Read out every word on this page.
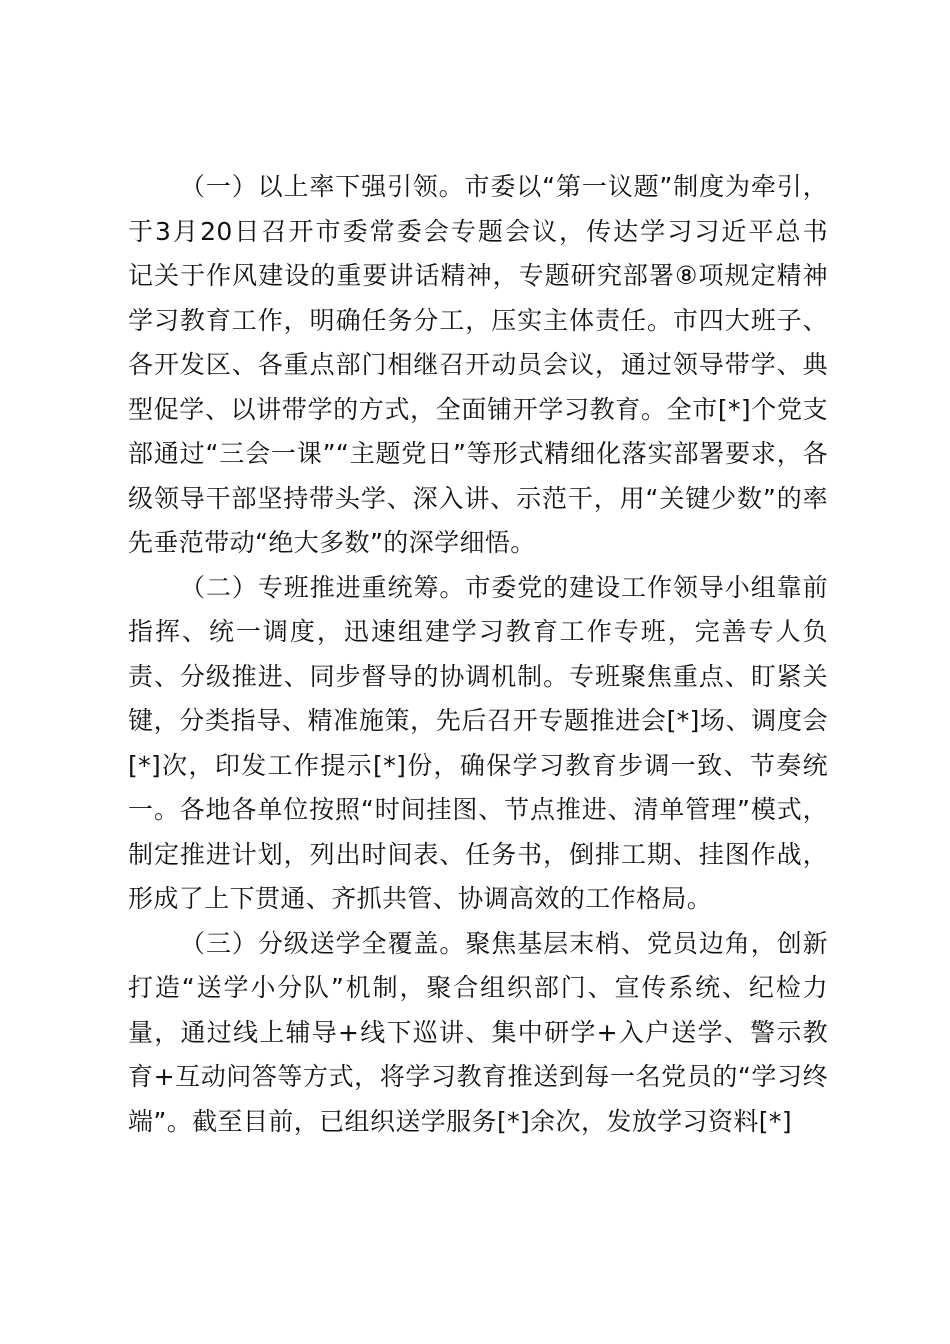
（一）以上率下强引领。市委以“第一议题”制度为牵引，
于3月20日召开市委常委会专题会议，传达学习习近平总书
记关于作风建设的重要讲话精神，专题研究部署⑧项规定精神
学习教育工作，明确任务分工，压实主体责任。市四大班子、
各开发区、各重点部门相继召开动员会议，通过领导带学、典
型促学、以讲带学的方式，全面铺开学习教育。全市[*]个党支
部通过“三会一课”“主题党日”等形式精细化落实部署要求，各
级领导干部坚持带头学、深入讲、示范干，用“关键少数”的率
先垂范带动“绝大多数”的深学细悟。
（二）专班推进重统筹。市委党的建设工作领导小组靠前
指挥、统一调度，迅速组建学习教育工作专班，完善专人负
责、分级推进、同步督导的协调机制。专班聚焦重点、盯紧关
键，分类指导、精准施策，先后召开专题推进会[*]场、调度会
[*]次，印发工作提示[*]份，确保学习教育步调一致、节奏统
一。各地各单位按照“时间挂图、节点推进、清单管理”模式，
制定推进计划，列出时间表、任务书，倒排工期、挂图作战，
形成了上下贯通、齐抓共管、协调高效的工作格局。
（三）分级送学全覆盖。聚焦基层末梢、党员边角，创新
打造“送学小分队”机制，聚合组织部门、宣传系统、纪检力
量，通过线上辅导+线下巡讲、集中研学+入户送学、警示教
育+互动问答等方式，将学习教育推送到每一名党员的“学习终
端”。截至目前，已组织送学服务[*]余次，发放学习资料[*]
